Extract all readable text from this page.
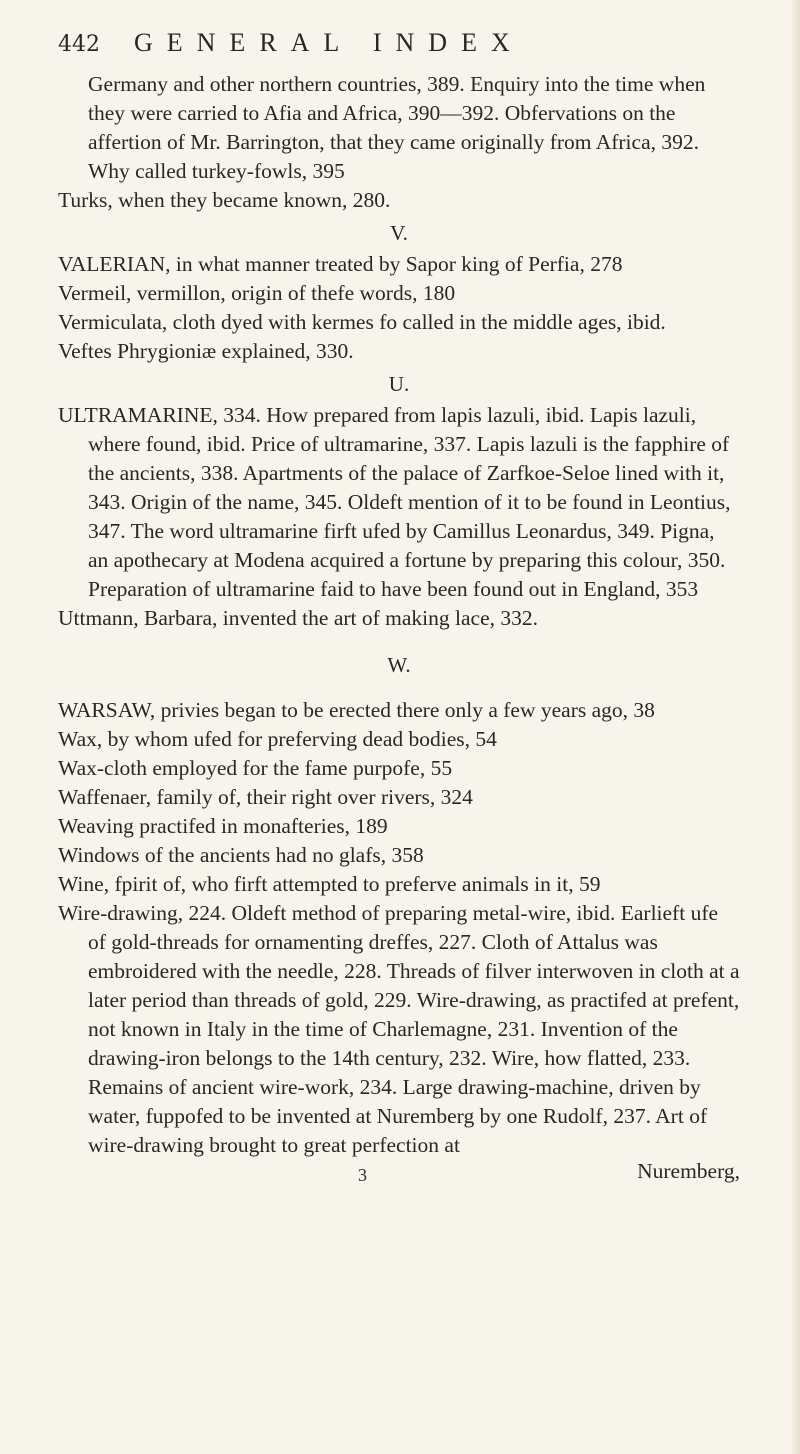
442 GENERAL INDEX

Germany and other northern countries, 389. Enquiry into the time when they were carried to Afia and Africa, 390—392. Obfervations on the affertion of Mr. Barrington, that they came originally from Africa, 392. Why called turkey-fowls, 395

Turks, when they became known, 280.

V.

VALERIAN, in what manner treated by Sapor king of Perfia, 278

Vermeil, vermillon, origin of thefe words, 180

Vermiculata, cloth dyed with kermes fo called in the middle ages, ibid.

Veftes Phrygioniæ explained, 330.

U.

ULTRAMARINE, 334. How prepared from lapis lazuli, ibid. Lapis lazuli, where found, ibid. Price of ultramarine, 337. Lapis lazuli is the fapphire of the ancients, 338. Apartments of the palace of Zarfkoe-Seloe lined with it, 343. Origin of the name, 345. Oldeft mention of it to be found in Leontius, 347. The word ultramarine firft ufed by Camillus Leonardus, 349. Pigna, an apothecary at Modena acquired a fortune by preparing this colour, 350. Preparation of ultramarine faid to have been found out in England, 353

Uttmann, Barbara, invented the art of making lace, 332.

W.

WARSAW, privies began to be erected there only a few years ago, 38

Wax, by whom ufed for preferving dead bodies, 54

Wax-cloth employed for the fame purpofe, 55

Waffenaer, family of, their right over rivers, 324

Weaving practifed in monafteries, 189

Windows of the ancients had no glafs, 358

Wine, fpirit of, who firft attempted to preferve animals in it, 59

Wire-drawing, 224. Oldeft method of preparing metal-wire, ibid. Earlieft ufe of gold-threads for ornamenting dreffes, 227. Cloth of Attalus was embroidered with the needle, 228. Threads of filver interwoven in cloth at a later period than threads of gold, 229. Wire-drawing, as practifed at prefent, not known in Italy in the time of Charlemagne, 231. Invention of the drawing-iron belongs to the 14th century, 232. Wire, how flatted, 233. Remains of ancient wire-work, 234. Large drawing-machine, driven by water, fuppofed to be invented at Nuremberg by one Rudolf, 237. Art of wire-drawing brought to great perfection at

3	Nuremberg,
